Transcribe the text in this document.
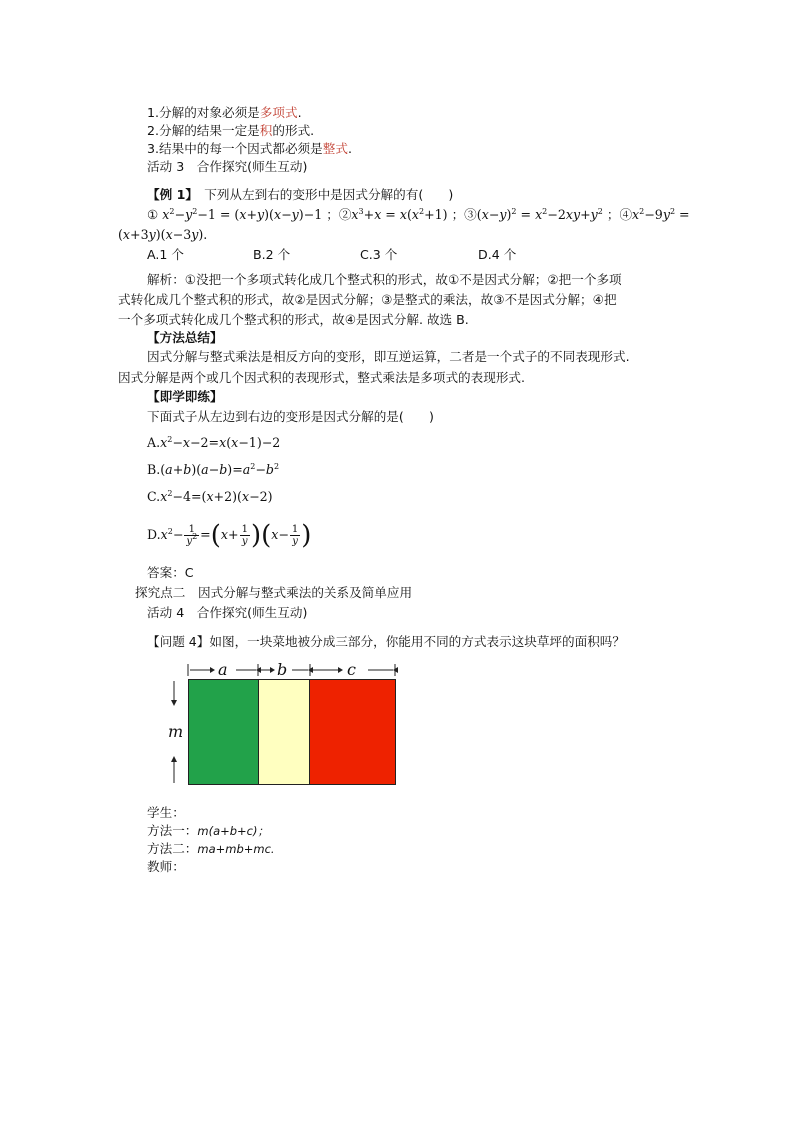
1.分解的对象必须是多项式.
2.分解的结果一定是积的形式.
3.结果中的每一个因式都必须是整式.
活动 3　合作探究(师生互动)
【例 1】　下列从左到右的变形中是因式分解的有(　　)
① $x^2-y^2-1 = (x+y)(x-y)-1$ ；$②x^3+x = x(x^2+1)$ ；$③(x-y)^2 = x^2-2xy+y^2$ ；$④x^2-9y^2$ =
(x+3y)(x−3y).
A.1 个	B.2 个	C.3 个	D.4 个
解析：①没把一个多项式转化成几个整式积的形式，故①不是因式分解；②把一个多项
式转化成几个整式积的形式，故②是因式分解；③是整式的乘法，故③不是因式分解；④把
一个多项式转化成几个整式积的形式，故④是因式分解. 故选 B.
【方法总结】
因式分解与整式乘法是相反方向的变形，即互逆运算，二者是一个式子的不同表现形式.
因式分解是两个或几个因式积的表现形式，整式乘法是多项式的表现形式.
【即学即练】
下面式子从左边到右边的变形是因式分解的是(　　)
$A.x^2-x-2=x(x-1)-2$
$B.(a+b)(a-b)=a^2-b^2$
$C.x^2-4=(x+2)(x-2)$
$D.x^2- \frac{1}{y^2} =(x+ \frac{1}{y} )(x- \frac{1}{y}$ )
答案：C
探究点二　因式分解与整式乘法的关系及简单应用
活动 4　合作探究(师生互动)
【问题 4】如图，一块菜地被分成三部分，你能用不同的方式表示这块草坪的面积吗？
a	b	c
m
学生：
方法一：m(a+b+c)；
方法二：ma+mb+mc.
教师：
